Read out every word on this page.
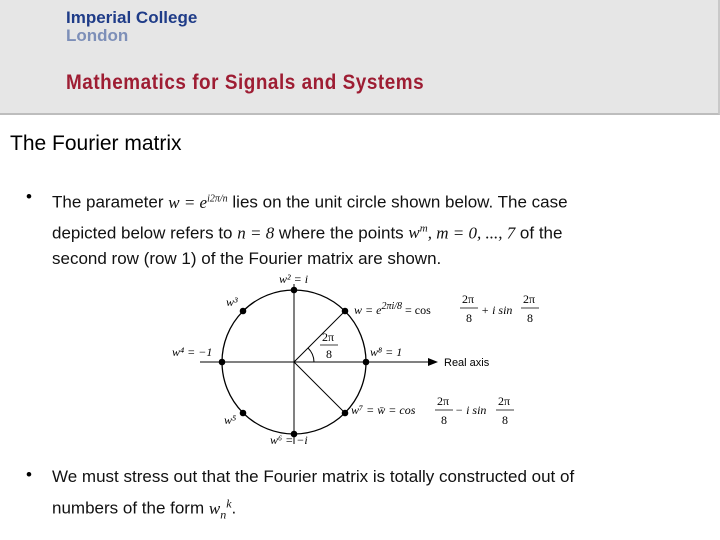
Imperial College
London
Mathematics for Signals and Systems
The Fourier matrix
• The parameter $w = e^{i2\pi/n}$ lies on the unit circle shown below. The case
depicted below refers to n = 8 where the points $w^m$, m = 0, ..., 7 of the
second row (row 1) of the Fourier matrix are shown.
w² = i
w³
$w = e^{2\pi i/8} = \cos$
2π
8
+ i sin
2π
8
2π
8
w⁴ = −1	w⁸ = 1
Real axis
w⁵
w⁷ = w̄ = cos
2π
8
− i sin
2π
8
w⁶ = −i
• We must stress out that the Fourier matrix is totally constructed out of
numbers of the form $w_n^k$.
